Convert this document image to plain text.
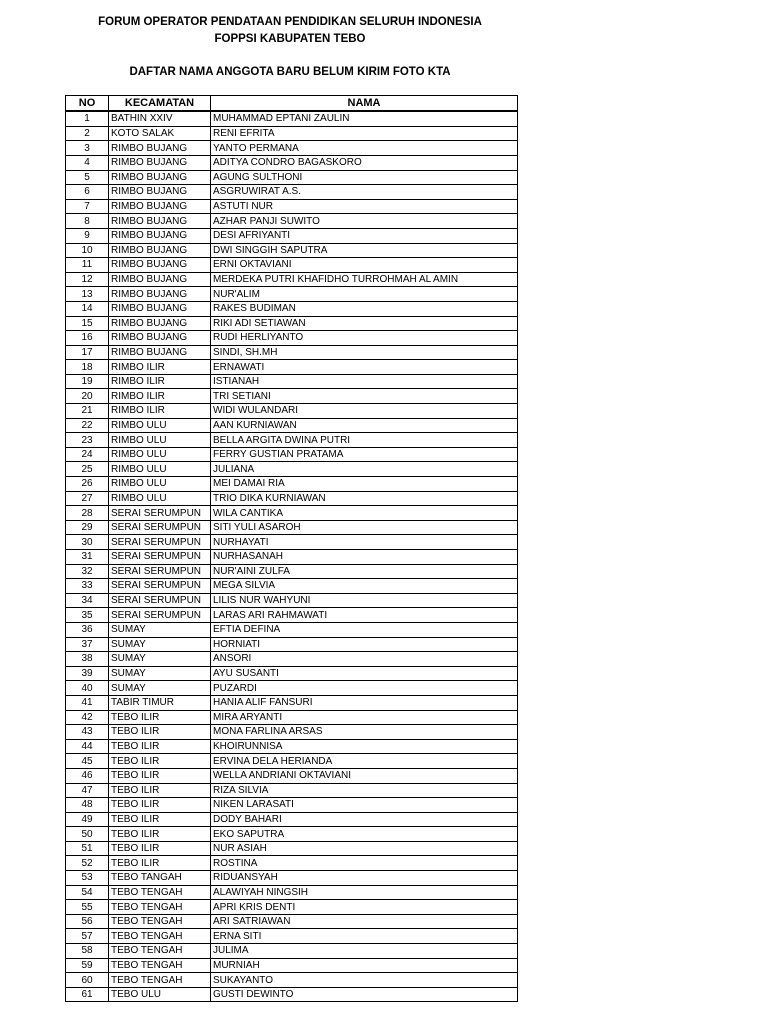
FORUM OPERATOR PENDATAAN PENDIDIKAN SELURUH INDONESIA
FOPPSI KABUPATEN TEBO
DAFTAR NAMA ANGGOTA BARU BELUM KIRIM FOTO KTA
NO	KECAMATAN	NAMA
1	BATHIN XXIV	MUHAMMAD EPTANI ZAULIN
2	KOTO SALAK	RENI EFRITA
3	RIMBO BUJANG	YANTO PERMANA
4	RIMBO BUJANG	ADITYA CONDRO BAGASKORO
5	RIMBO BUJANG	AGUNG SULTHONI
6	RIMBO BUJANG	ASGRUWIRAT A.S.
7	RIMBO BUJANG	ASTUTI NUR
8	RIMBO BUJANG	AZHAR PANJI SUWITO
9	RIMBO BUJANG	DESI AFRIYANTI
10	RIMBO BUJANG	DWI SINGGIH SAPUTRA
11	RIMBO BUJANG	ERNI OKTAVIANI
12	RIMBO BUJANG	MERDEKA PUTRI KHAFIDHO TURROHMAH AL AMIN
13	RIMBO BUJANG	NUR'ALIM
14	RIMBO BUJANG	RAKES BUDIMAN
15	RIMBO BUJANG	RIKI ADI SETIAWAN
16	RIMBO BUJANG	RUDI HERLIYANTO
17	RIMBO BUJANG	SINDI, SH.MH
18	RIMBO ILIR	ERNAWATI
19	RIMBO ILIR	ISTIANAH
20	RIMBO ILIR	TRI SETIANI
21	RIMBO ILIR	WIDI WULANDARI
22	RIMBO ULU	AAN KURNIAWAN
23	RIMBO ULU	BELLA ARGITA DWINA PUTRI
24	RIMBO ULU	FERRY GUSTIAN PRATAMA
25	RIMBO ULU	JULIANA
26	RIMBO ULU	MEI DAMAI RIA
27	RIMBO ULU	TRIO DIKA KURNIAWAN
28	SERAI SERUMPUN	WILA CANTIKA
29	SERAI SERUMPUN	SITI YULI ASAROH
30	SERAI SERUMPUN	NURHAYATI
31	SERAI SERUMPUN	NURHASANAH
32	SERAI SERUMPUN	NUR'AINI ZULFA
33	SERAI SERUMPUN	MEGA SILVIA
34	SERAI SERUMPUN	LILIS NUR WAHYUNI
35	SERAI SERUMPUN	LARAS ARI RAHMAWATI
36	SUMAY	EFTIA DEFINA
37	SUMAY	HORNIATI
38	SUMAY	ANSORI
39	SUMAY	AYU SUSANTI
40	SUMAY	PUZARDI
41	TABIR TIMUR	HANIA ALIF FANSURI
42	TEBO ILIR	MIRA ARYANTI
43	TEBO ILIR	MONA FARLINA ARSAS
44	TEBO ILIR	KHOIRUNNISA
45	TEBO ILIR	ERVINA DELA HERIANDA
46	TEBO ILIR	WELLA ANDRIANI OKTAVIANI
47	TEBO ILIR	RIZA SILVIA
48	TEBO ILIR	NIKEN LARASATI
49	TEBO ILIR	DODY BAHARI
50	TEBO ILIR	EKO SAPUTRA
51	TEBO ILIR	NUR ASIAH
52	TEBO ILIR	ROSTINA
53	TEBO TANGAH	RIDUANSYAH
54	TEBO TENGAH	ALAWIYAH NINGSIH
55	TEBO TENGAH	APRI KRIS DENTI
56	TEBO TENGAH	ARI SATRIAWAN
57	TEBO TENGAH	ERNA SITI
58	TEBO TENGAH	JULIMA
59	TEBO TENGAH	MURNIAH
60	TEBO TENGAH	SUKAYANTO
61	TEBO ULU	GUSTI DEWINTO
